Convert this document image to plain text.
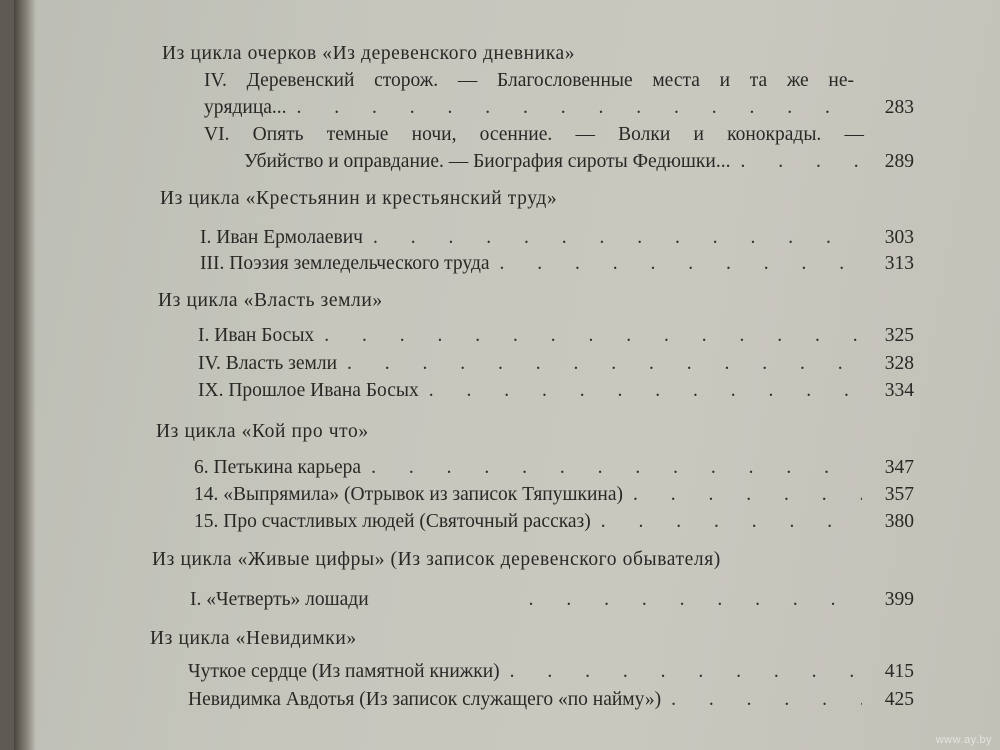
Из цикла очерков «Из деревенского дневника»
IV. Деревенский сторож. — Благословенные места и та же не-
урядица... . . .	283
VI. Опять темные ночи, осенние. — Волки и конокрады. —
Убийство и оправдание. — Биография сироты Федюшки... . . .	289
Из цикла «Крестьянин и крестьянский труд»
I. Иван Ермолаевич . . .	303
III. Поэзия земледельческого труда . . .	313
Из цикла «Власть земли»
I. Иван Босых . . .	325
IV. Власть земли . . .	328
IX. Прошлое Ивана Босых . . .	334
Из цикла «Кой про что»
6. Петькина карьера . . .	347
14. «Выпрямила» (Отрывок из записок Тяпушкина) . . .	357
15. Про счастливых людей (Святочный рассказ) . . .	380
Из цикла «Живые цифры» (Из записок деревенского обывателя)
I. «Четверть» лошади . . .	399
Из цикла «Невидимки»
Чуткое сердце (Из памятной книжки) . . .	415
Невидимка Авдотья (Из записок служащего «по найму») . . .	425
www.ay.by
